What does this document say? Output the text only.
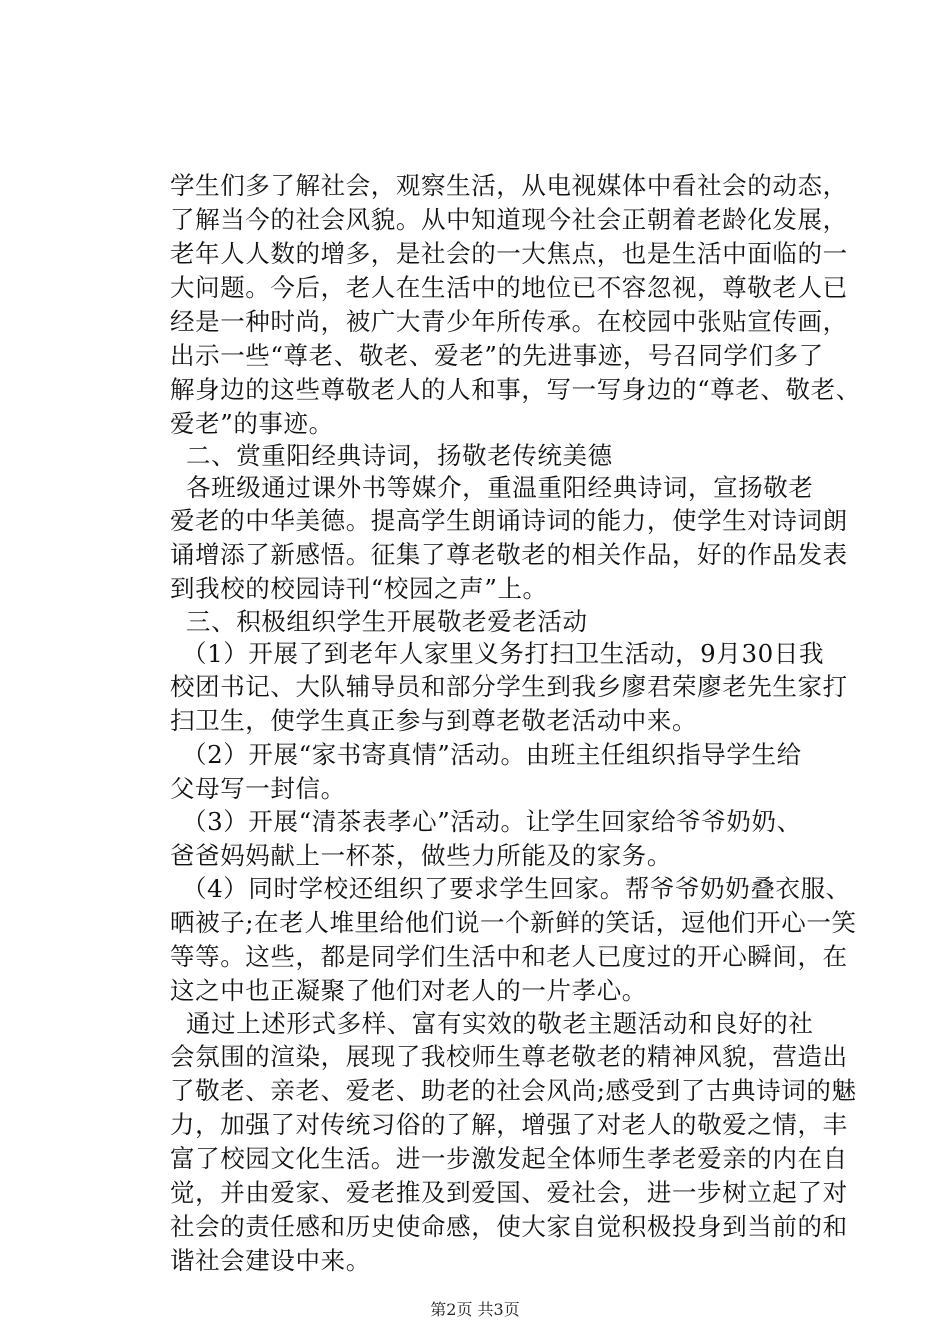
学生们多了解社会，观察生活，从电视媒体中看社会的动态，
了解当今的社会风貌。从中知道现今社会正朝着老龄化发展，
老年人人数的增多，是社会的一大焦点，也是生活中面临的一
大问题。今后，老人在生活中的地位已不容忽视，尊敬老人已
经是一种时尚，被广大青少年所传承。在校园中张贴宣传画，
出示一些“尊老、敬老、爱老”的先进事迹，号召同学们多了
解身边的这些尊敬老人的人和事，写一写身边的“尊老、敬老、
爱老”的事迹。
二、赏重阳经典诗词，扬敬老传统美德
各班级通过课外书等媒介，重温重阳经典诗词，宣扬敬老
爱老的中华美德。提高学生朗诵诗词的能力，使学生对诗词朗
诵增添了新感悟。征集了尊老敬老的相关作品，好的作品发表
到我校的校园诗刊“校园之声”上。
三、积极组织学生开展敬老爱老活动
（1）开展了到老年人家里义务打扫卫生活动，9月30日我
校团书记、大队辅导员和部分学生到我乡廖君荣廖老先生家打
扫卫生，使学生真正参与到尊老敬老活动中来。
（2）开展“家书寄真情”活动。由班主任组织指导学生给
父母写一封信。
（3）开展“清茶表孝心”活动。让学生回家给爷爷奶奶、
爸爸妈妈献上一杯茶，做些力所能及的家务。
（4）同时学校还组织了要求学生回家。帮爷爷奶奶叠衣服、
晒被子;在老人堆里给他们说一个新鲜的笑话，逗他们开心一笑
等等。这些，都是同学们生活中和老人已度过的开心瞬间，在
这之中也正凝聚了他们对老人的一片孝心。
通过上述形式多样、富有实效的敬老主题活动和良好的社
会氛围的渲染，展现了我校师生尊老敬老的精神风貌，营造出
了敬老、亲老、爱老、助老的社会风尚;感受到了古典诗词的魅
力，加强了对传统习俗的了解，增强了对老人的敬爱之情，丰
富了校园文化生活。进一步激发起全体师生孝老爱亲的内在自
觉，并由爱家、爱老推及到爱国、爱社会，进一步树立起了对
社会的责任感和历史使命感，使大家自觉积极投身到当前的和
谐社会建设中来。
第2页 共3页
